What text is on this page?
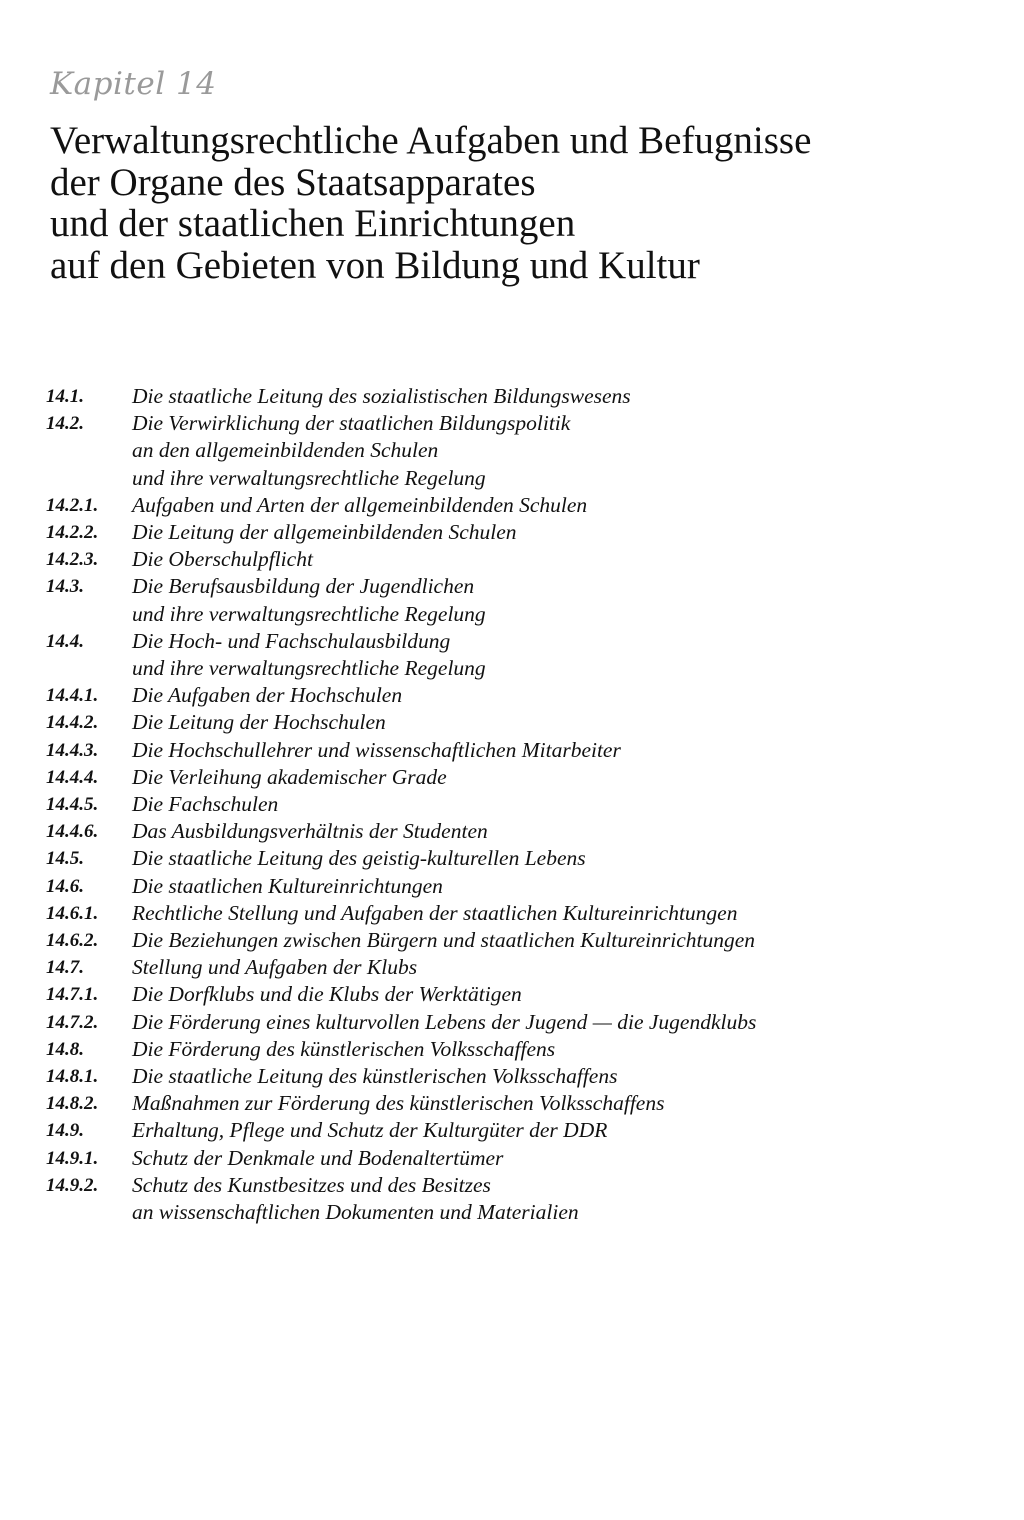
Kapitel 14
Verwaltungsrechtliche Aufgaben und Befugnisse
der Organe des Staatsapparates
und der staatlichen Einrichtungen
auf den Gebieten von Bildung und Kultur
14.1.	Die staatliche Leitung des sozialistischen Bildungswesens
14.2.	Die Verwirklichung der staatlichen Bildungspolitik
an den allgemeinbildenden Schulen
und ihre verwaltungsrechtliche Regelung
14.2.1.	Aufgaben und Arten der allgemeinbildenden Schulen
14.2.2.	Die Leitung der allgemeinbildenden Schulen
14.2.3.	Die Oberschulpflicht
14.3.	Die Berufsausbildung der Jugendlichen
und ihre verwaltungsrechtliche Regelung
14.4.	Die Hoch- und Fachschulausbildung
und ihre verwaltungsrechtliche Regelung
14.4.1.	Die Aufgaben der Hochschulen
14.4.2.	Die Leitung der Hochschulen
14.4.3.	Die Hochschullehrer und wissenschaftlichen Mitarbeiter
14.4.4.	Die Verleihung akademischer Grade
14.4.5.	Die Fachschulen
14.4.6.	Das Ausbildungsverhältnis der Studenten
14.5.	Die staatliche Leitung des geistig-kulturellen Lebens
14.6.	Die staatlichen Kultureinrichtungen
14.6.1.	Rechtliche Stellung und Aufgaben der staatlichen Kultureinrichtungen
14.6.2.	Die Beziehungen zwischen Bürgern und staatlichen Kultureinrichtungen
14.7.	Stellung und Aufgaben der Klubs
14.7.1.	Die Dorfklubs und die Klubs der Werktätigen
14.7.2.	Die Förderung eines kulturvollen Lebens der Jugend — die Jugendklubs
14.8.	Die Förderung des künstlerischen Volksschaffens
14.8.1.	Die staatliche Leitung des künstlerischen Volksschaffens
14.8.2.	Maßnahmen zur Förderung des künstlerischen Volksschaffens
14.9.	Erhaltung, Pflege und Schutz der Kulturgüter der DDR
14.9.1.	Schutz der Denkmale und Bodenaltertümer
14.9.2.	Schutz des Kunstbesitzes und des Besitzes
an wissenschaftlichen Dokumenten und Materialien
